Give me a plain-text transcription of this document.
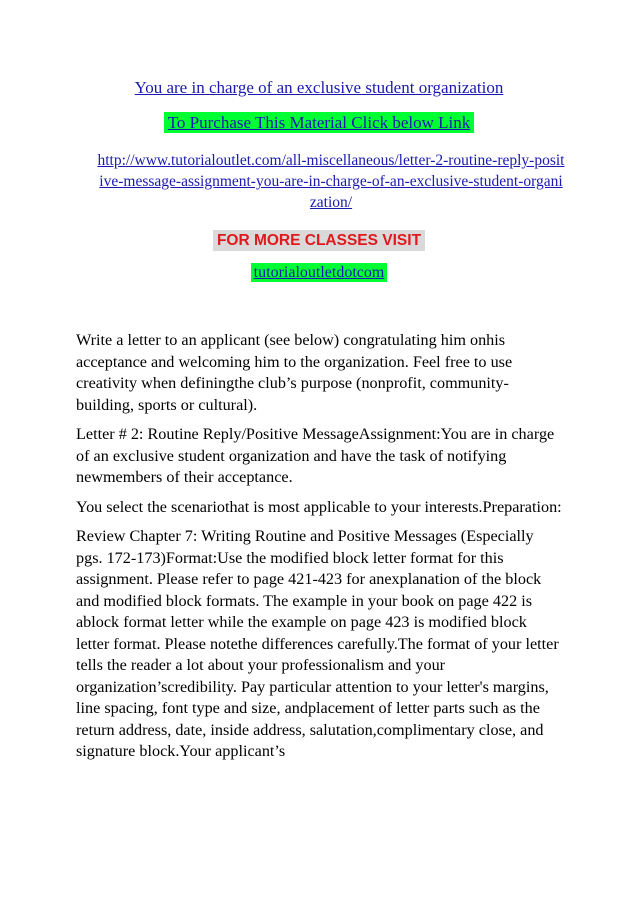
You are in charge of an exclusive student organization
To Purchase This Material Click below Link
http://www.tutorialoutlet.com/all-miscellaneous/letter-2-routine-reply-positive-message-assignment-you-are-in-charge-of-an-exclusive-student-organization/
FOR MORE CLASSES VISIT
tutorialoutletdotcom

Write a letter to an applicant (see below) congratulating him onhis acceptance and welcoming him to the organization. Feel free to use creativity when definingthe club’s purpose (nonprofit, community-building, sports or cultural).

Letter # 2: Routine Reply/Positive MessageAssignment:You are in charge of an exclusive student organization and have the task of notifying newmembers of their acceptance.

You select the scenariothat is most applicable to your interests.Preparation:

Review Chapter 7: Writing Routine and Positive Messages (Especially pgs. 172-173)Format:Use the modified block letter format for this assignment. Please refer to page 421-423 for anexplanation of the block and modified block formats. The example in your book on page 422 is ablock format letter while the example on page 423 is modified block letter format. Please notethe differences carefully.The format of your letter tells the reader a lot about your professionalism and your organization’scredibility. Pay particular attention to your letter's margins, line spacing, font type and size, andplacement of letter parts such as the return address, date, inside address, salutation,complimentary close, and signature block.Your applicant’s
